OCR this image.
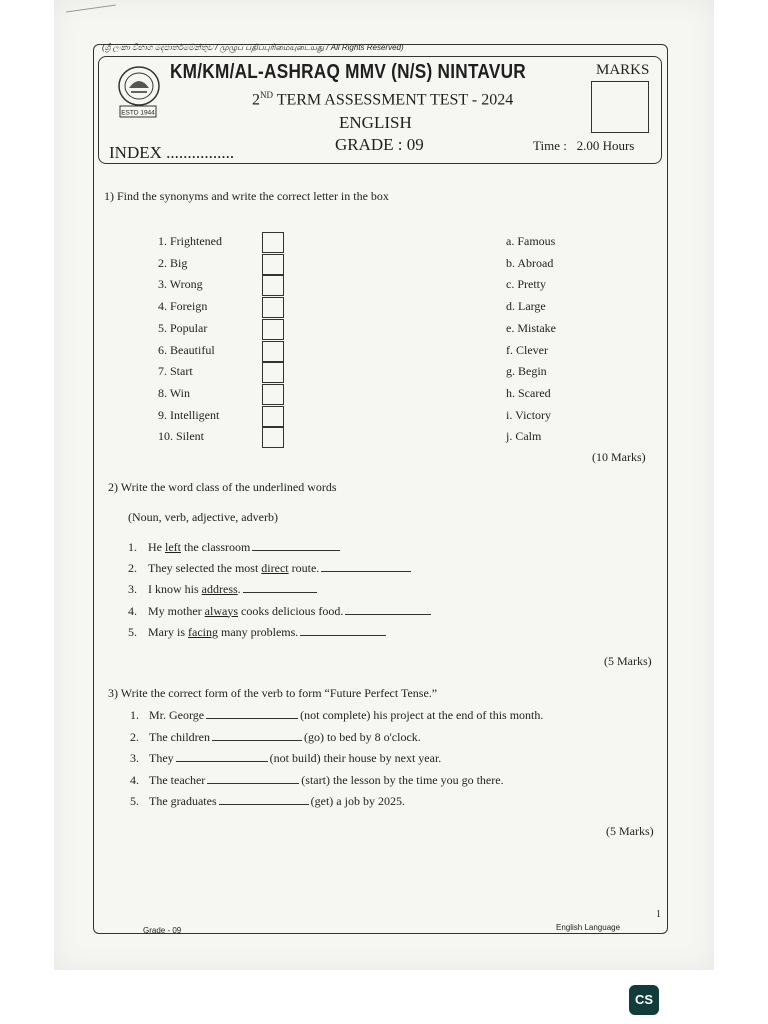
(ශ්‍රී ලංකා විභාග දෙපාර්තමේන්තුව / முழுப் பதிப்புரிமையுடையது / All Rights Reserved)
ESTD 1944
KM/KM/AL-ASHRAQ MMV (N/S) NINTAVUR	MARKS
2ND TERM ASSESSMENT TEST - 2024
ENGLISH
GRADE : 09
INDEX ................	Time : 2.00 Hours
1) Find the synonyms and write the correct letter in the box
1. Frightened
2. Big
3. Wrong
4. Foreign
5. Popular
6. Beautiful
7. Start
8. Win
9. Intelligent
10. Silent
a. Famous
b. Abroad
c. Pretty
d. Large
e. Mistake
f. Clever
g. Begin
h. Scared
i. Victory
j. Calm
(10 Marks)
2) Write the word class of the underlined words
(Noun, verb, adjective, adverb)
1. He left the classroom
2. They selected the most direct route.
3. I know his address.
4. My mother always cooks delicious food.
5. Mary is facing many problems.
(5 Marks)
3) Write the correct form of the verb to form “Future Perfect Tense.”
1. Mr. George	(not complete) his project at the end of this month.
2. The children	(go) to bed by 8 o'clock.
3. They	(not build) their house by next year.
4. The teacher	(start) the lesson by the time you go there.
5. The graduates	(get) a job by 2025.
(5 Marks)
Grade - 09	English Language
1
CS
